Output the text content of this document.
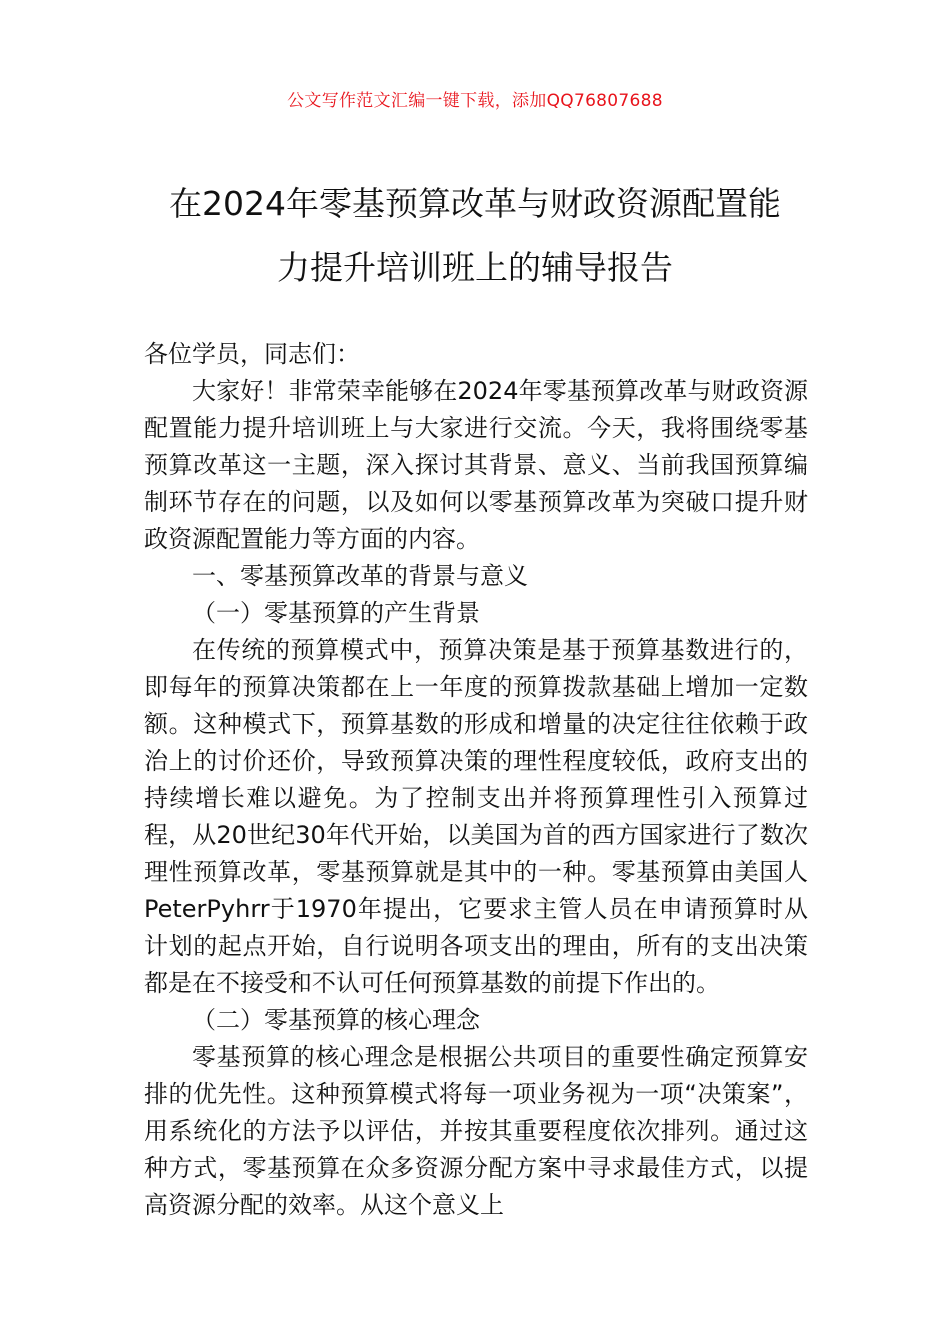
公文写作范文汇编一键下载，添加QQ76807688
在2024年零基预算改革与财政资源配置能
力提升培训班上的辅导报告

各位学员，同志们：

大家好！非常荣幸能够在2024年零基预算改革与财政资源配置能力提升培训班上与大家进行交流。今天，我将围绕零基预算改革这一主题，深入探讨其背景、意义、当前我国预算编制环节存在的问题，以及如何以零基预算改革为突破口提升财政资源配置能力等方面的内容。

一、零基预算改革的背景与意义

（一）零基预算的产生背景

在传统的预算模式中，预算决策是基于预算基数进行的，即每年的预算决策都在上一年度的预算拨款基础上增加一定数额。这种模式下，预算基数的形成和增量的决定往往依赖于政治上的讨价还价，导致预算决策的理性程度较低，政府支出的持续增长难以避免。为了控制支出并将预算理性引入预算过程，从20世纪30年代开始，以美国为首的西方国家进行了数次理性预算改革，零基预算就是其中的一种。零基预算由美国人PeterPyhrr于1970年提出，它要求主管人员在申请预算时从计划的起点开始，自行说明各项支出的理由，所有的支出决策都是在不接受和不认可任何预算基数的前提下作出的。

（二）零基预算的核心理念

零基预算的核心理念是根据公共项目的重要性确定预算安排的优先性。这种预算模式将每一项业务视为一项“决策案”，用系统化的方法予以评估，并按其重要程度依次排列。通过这种方式，零基预算在众多资源分配方案中寻求最佳方式，以提高资源分配的效率。从这个意义上
